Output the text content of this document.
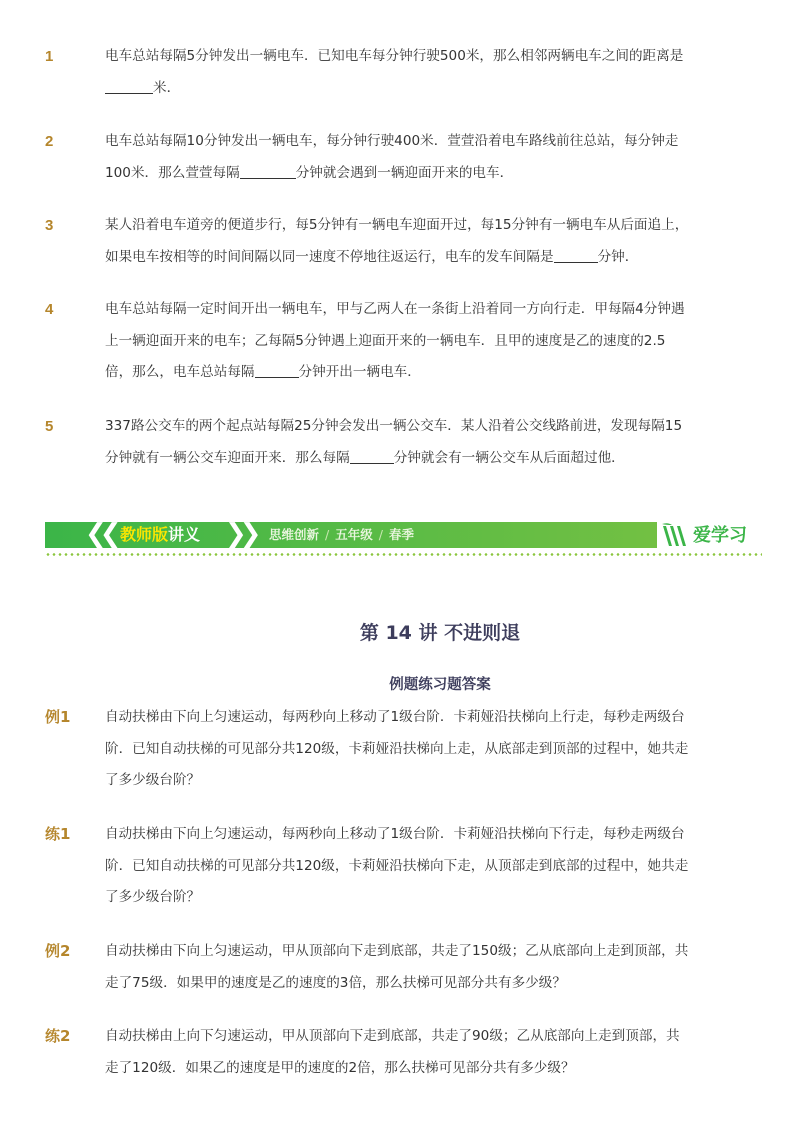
1	电车总站每隔5分钟发出一辆电车．已知电车每分钟行驶500米，那么相邻两辆电车之间的距离是
米．
2	电车总站每隔10分钟发出一辆电车，每分钟行驶400米．萱萱沿着电车路线前往总站，每分钟走
100米．那么萱萱每隔	分钟就会遇到一辆迎面开来的电车．
3	某人沿着电车道旁的便道步行，每5分钟有一辆电车迎面开过，每15分钟有一辆电车从后面追上，
如果电车按相等的时间间隔以同一速度不停地往返运行，电车的发车间隔是	分钟．
4	电车总站每隔一定时间开出一辆电车，甲与乙两人在一条街上沿着同一方向行走．甲每隔4分钟遇
上一辆迎面开来的电车；乙每隔5分钟遇上迎面开来的一辆电车．且甲的速度是乙的速度的2.5
倍，那么，电车总站每隔	分钟开出一辆电车．
5	337路公交车的两个起点站每隔25分钟会发出一辆公交车．某人沿着公交线路前进，发现每隔15
分钟就有一辆公交车迎面开来．那么每隔	分钟就会有一辆公交车从后面超过他．
❮❮ 教师版讲义 ❯❯ 思维创新 / 五年级 / 春季	爱学习
第 14 讲 不进则退
例题练习题答案
例1	自动扶梯由下向上匀速运动，每两秒向上移动了1级台阶．卡莉娅沿扶梯向上行走，每秒走两级台
阶．已知自动扶梯的可见部分共120级，卡莉娅沿扶梯向上走，从底部走到顶部的过程中，她共走
了多少级台阶？
练1	自动扶梯由下向上匀速运动，每两秒向上移动了1级台阶．卡莉娅沿扶梯向下行走，每秒走两级台
阶．已知自动扶梯的可见部分共120级，卡莉娅沿扶梯向下走，从顶部走到底部的过程中，她共走
了多少级台阶？
例2	自动扶梯由下向上匀速运动，甲从顶部向下走到底部，共走了150级；乙从底部向上走到顶部，共
走了75级．如果甲的速度是乙的速度的3倍，那么扶梯可见部分共有多少级？
练2	自动扶梯由上向下匀速运动，甲从顶部向下走到底部，共走了90级；乙从底部向上走到顶部，共
走了120级．如果乙的速度是甲的速度的2倍，那么扶梯可见部分共有多少级？
